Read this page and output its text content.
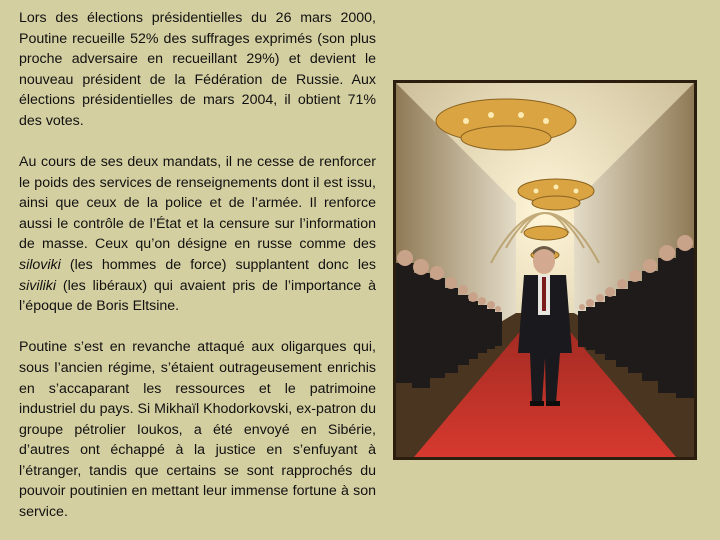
Lors des élections présidentielles du 26 mars 2000, Poutine recueille 52% des suffrages exprimés (son plus proche adversaire en recueillant 29%) et devient le nouveau président de la Fédération de Russie. Aux élections présidentielles de mars 2004, il obtient 71% des votes.

Au cours de ses deux mandats, il ne cesse de renforcer le poids des services de renseignements dont il est issu, ainsi que ceux de la police et de l’armée. Il renforce aussi le contrôle de l’État et la censure sur l’information de masse. Ceux qu’on désigne en russe comme des siloviki (les hommes de force) supplantent donc les siviliki (les libéraux) qui avaient pris de l’importance à l’époque de Boris Eltsine.

Poutine s’est en revanche attaqué aux oligarques qui, sous l’ancien régime, s’étaient outrageusement enrichis en s’accaparant les ressources et le patrimoine industriel du pays. Si Mikhaïl Khodorkovski, ex-patron du groupe pétrolier Ioukos, a été envoyé en Sibérie, d’autres ont échappé à la justice en s’enfuyant à l’étranger, tandis que certains se sont rapprochés du pouvoir poutinien en mettant leur immense fortune à son service.
